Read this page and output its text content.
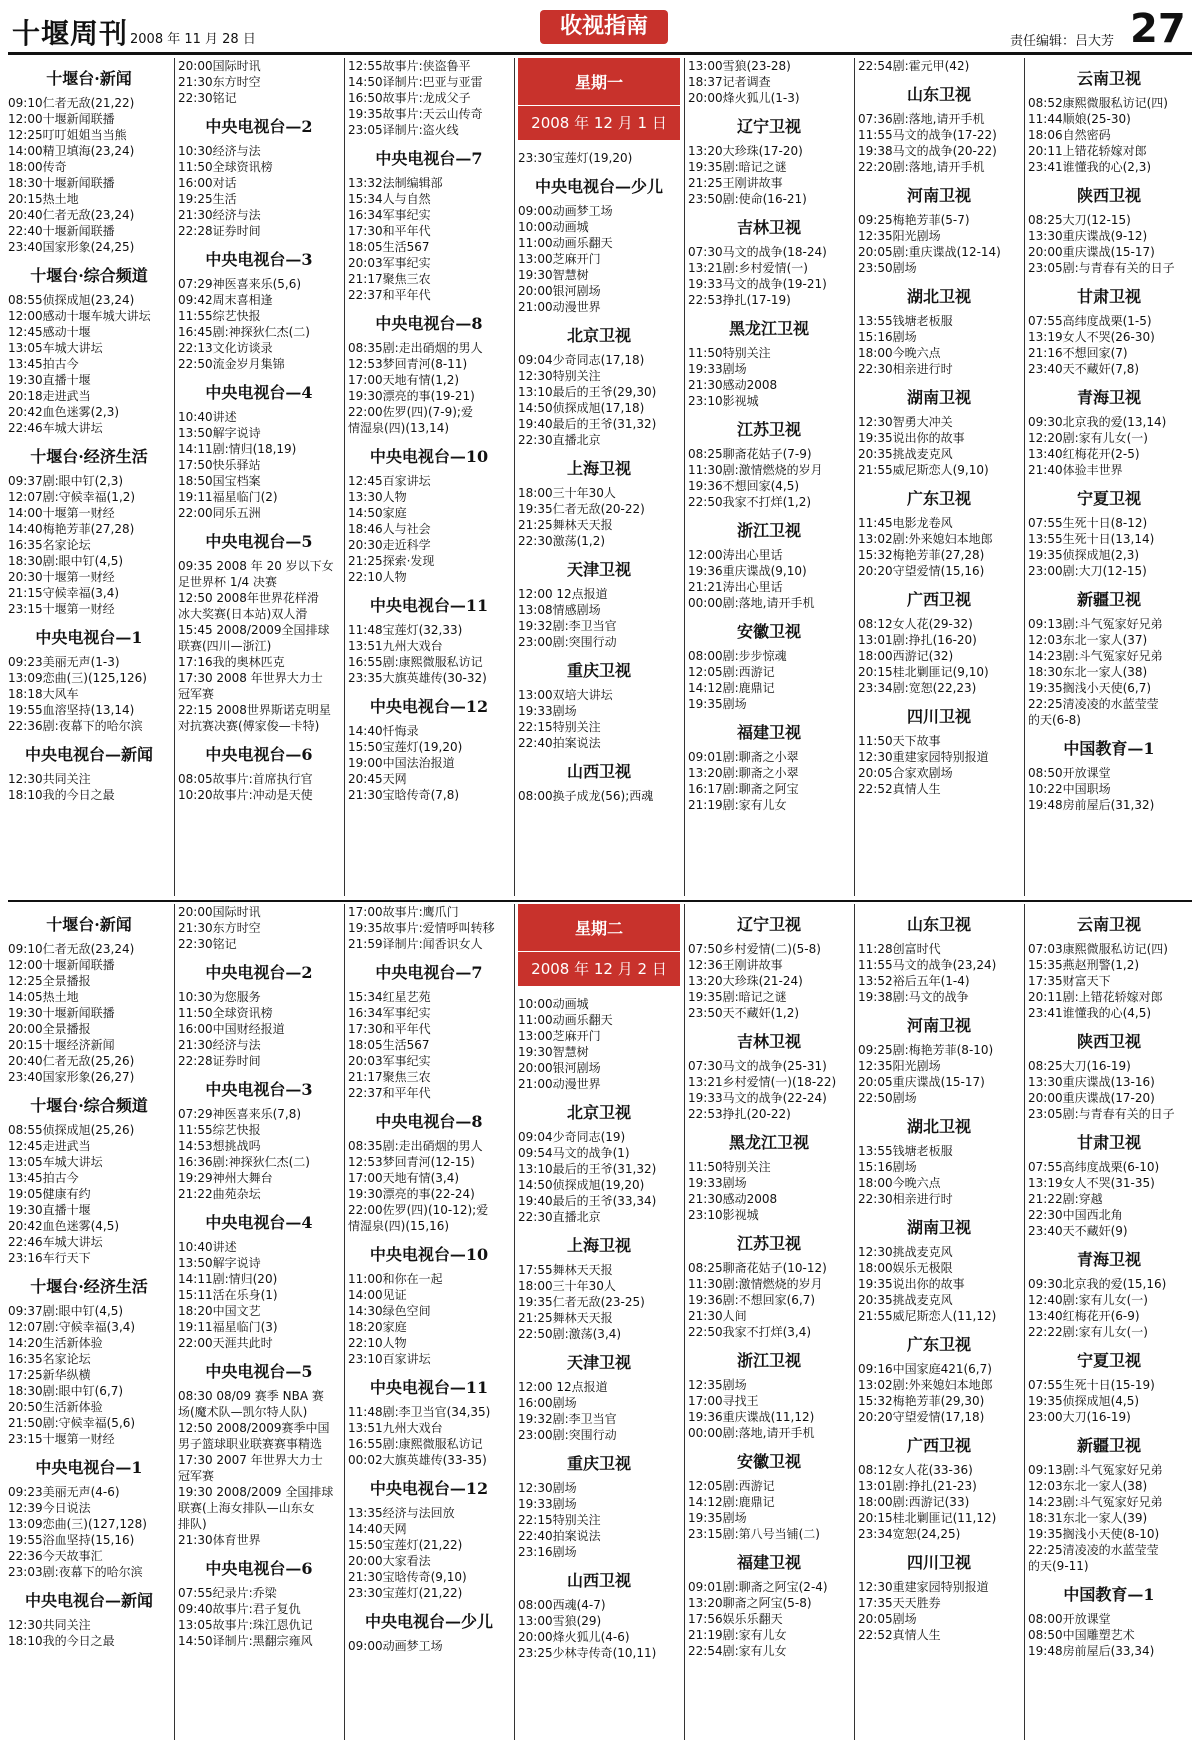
十堰周刊 2008 年 11 月 28 日
收视指南
责任编辑：吕大芳 27
十堰台·新闻
09:10仁者无敌(21,22)
12:00十堰新闻联播
12:25叮叮姐姐当当熊
14:00精卫填海(23,24)
18:00传奇
18:30十堰新闻联播
20:15热土地
20:40仁者无敌(23,24)
22:40十堰新闻联播
23:40国家形象(24,25)
十堰台·综合频道
08:55侦探成旭(23,24)
12:00感动十堰车城大讲坛
12:45感动十堰
13:05车城大讲坛
13:45拍古今
19:30直播十堰
20:18走进武当
20:42血色迷雾(2,3)
22:46车城大讲坛
十堰台·经济生活
09:37剧:眼中钉(2,3)
12:07剧:守候幸福(1,2)
14:00十堰第一财经
14:40梅艳芳菲(27,28)
16:35名家论坛
18:30剧:眼中钉(4,5)
20:30十堰第一财经
21:15守候幸福(3,4)
23:15十堰第一财经
中央电视台—1
09:23美丽无声(1-3)
13:09恋曲(三)(125,126)
18:18大风车
19:55血溶坚持(13,14)
22:36剧:夜幕下的哈尔滨
中央电视台—新闻
12:30共同关注
18:10我的今日之最
20:00国际时讯
21:30东方时空
22:30铭记
中央电视台—2
10:30经济与法
11:50全球资讯榜
16:00对话
19:25生活
21:30经济与法
22:28证券时间
中央电视台—3
07:29神医喜来乐(5,6)
09:42周末喜相逢
11:55综艺快报
16:45剧:神探狄仁杰(二)
22:13文化访谈录
22:50流金岁月集锦
中央电视台—4
10:40讲述
13:50解字说诗
14:11剧:情归(18,19)
17:50快乐驿站
18:50国宝档案
19:11福星临门(2)
22:00同乐五洲
中央电视台—5
09:35 2008 年 20 岁以下女
足世界杯 1/4 决赛
12:50 2008年世界花样滑
冰大奖赛(日本站)双人滑
15:45 2008/2009全国排球
联赛(四川—浙江)
17:16我的奥林匹克
17:30 2008 年世界大力士
冠军赛
22:15 2008世界斯诺克明星
对抗赛决赛(傅家俊—卡特)
中央电视台—6
08:05故事片:首席执行官
10:20故事片:冲动是天使
12:55故事片:侠盗鲁平
14:50译制片:巴亚与亚雷
16:50故事片:龙成父子
19:35故事片:天云山传奇
23:05译制片:盗火线
中央电视台—7
13:32法制编辑部
15:34人与自然
16:34军事纪实
17:30和平年代
18:05生活567
20:03军事纪实
21:17聚焦三农
22:37和平年代
中央电视台—8
08:35剧:走出硝烟的男人
12:53梦回青河(8-11)
17:00天地有情(1,2)
19:30漂亮的事(19-21)
22:00佐罗(四)(7-9);爱
情湿泉(四)(13,14)
中央电视台—10
12:45百家讲坛
13:30人物
14:50家庭
18:46人与社会
20:30走近科学
21:25探索·发现
22:10人物
中央电视台—11
11:48宝莲灯(32,33)
13:51九州大戏台
16:55剧:康熙微服私访记
23:35大旗英雄传(30-32)
中央电视台—12
14:40忏悔录
15:50宝莲灯(19,20)
19:00中国法治报道
20:45天网
21:30宝晗传奇(7,8)
星期一
2008 年 12 月 1 日
23:30宝莲灯(19,20)
中央电视台—少儿
09:00动画梦工场
10:00动画城
11:00动画乐翻天
13:00芝麻开门
19:30智慧树
20:00银河剧场
21:00动漫世界
北京卫视
09:04少奇同志(17,18)
12:30特别关注
13:10最后的王爷(29,30)
14:50侦探成旭(17,18)
19:40最后的王爷(31,32)
22:30直播北京
上海卫视
18:00三十年30人
19:35仁者无敌(20-22)
21:25舞林天天报
22:30激荡(1,2)
天津卫视
12:00 12点报道
13:08情感剧场
19:32剧:李卫当官
23:00剧:突围行动
重庆卫视
13:00双培大讲坛
19:33剧场
22:15特别关注
22:40拍案说法
山西卫视
08:00换子成龙(56);西魂
13:00雪狼(23-28)
18:37记者调查
20:00烽火狐儿(1-3)
辽宁卫视
13:20大珍珠(17-20)
19:35剧:暗记之谜
21:25王刚讲故事
23:50剧:使命(16-21)
吉林卫视
07:30马文的战争(18-24)
13:21剧:乡村爱情(一)
19:33马文的战争(19-21)
22:53挣扎(17-19)
黑龙江卫视
11:50特别关注
19:33剧场
21:30感动2008
23:10影视城
江苏卫视
08:25聊斋花姑子(7-9)
11:30剧:激情燃烧的岁月
19:36不想回家(4,5)
22:50我家不打烊(1,2)
浙江卫视
12:00涛出心里话
19:36重庆谍战(9,10)
21:21涛出心里话
00:00剧:落地,请开手机
安徽卫视
08:00剧:步步惊魂
12:05剧:西游记
14:12剧:鹿鼎记
19:35剧场
福建卫视
09:01剧:聊斋之小翠
13:20剧:聊斋之小翠
16:17剧:聊斋之阿宝
21:19剧:家有儿女
22:54剧:霍元甲(42)
山东卫视
07:36剧:落地,请开手机
11:55马文的战争(17-22)
19:38马文的战争(20-22)
22:20剧:落地,请开手机
河南卫视
09:25梅艳芳菲(5-7)
12:35阳光剧场
20:05剧:重庆谍战(12-14)
23:50剧场
湖北卫视
13:55钱塘老板服
15:16剧场
18:00今晚六点
22:30相亲进行时
湖南卫视
12:30智勇大冲关
19:35说出你的故事
20:35挑战麦克风
21:55威尼斯恋人(9,10)
广东卫视
11:45电影龙卷风
13:02剧:外来媳妇本地郎
15:32梅艳芳菲(27,28)
20:20守望爱情(15,16)
广西卫视
08:12女人花(29-32)
13:01剧:挣扎(16-20)
18:00西游记(32)
20:15桂北剿匪记(9,10)
23:34剧:宽恕(22,23)
四川卫视
11:50天下故事
12:30重建家园特别报道
20:05合家欢剧场
22:52真情人生
云南卫视
08:52康熙微服私访记(四)
11:44顺娘(25-30)
18:06自然密码
20:11上错花轿嫁对郎
23:41谁懂我的心(2,3)
陕西卫视
08:25大刀(12-15)
13:30重庆谍战(9-12)
20:00重庆谍战(15-17)
23:05剧:与青春有关的日子
甘肃卫视
07:55高纬度战栗(1-5)
13:19女人不哭(26-30)
21:16不想回家(7)
23:40天不藏奸(7,8)
青海卫视
09:30北京我的爱(13,14)
12:20剧:家有儿女(一)
13:40红梅花开(2-5)
21:40体验丰世界
宁夏卫视
07:55生死十日(8-12)
13:55生死十日(13,14)
19:35侦探成旭(2,3)
23:00剧:大刀(12-15)
新疆卫视
09:13剧:斗气冤家好兄弟
12:03东北一家人(37)
14:23剧:斗气冤家好兄弟
18:30东北一家人(38)
19:35搁浅小天使(6,7)
22:25清凌凌的水蓝莹莹
的天(6-8)
中国教育—1
08:50开放课堂
10:22中国职场
19:48房前屋后(31,32)
十堰台·新闻
09:10仁者无敌(23,24)
12:00十堰新闻联播
12:25全景播报
14:05热土地
19:30十堰新闻联播
20:00全景播报
20:15十堰经济新闻
20:40仁者无敌(25,26)
23:40国家形象(26,27)
十堰台·综合频道
08:55侦探成旭(25,26)
12:45走进武当
13:05车城大讲坛
13:45拍古今
19:05健康有约
19:30直播十堰
20:42血色迷雾(4,5)
22:46车城大讲坛
23:16车行天下
十堰台·经济生活
09:37剧:眼中钉(4,5)
12:07剧:守候幸福(3,4)
14:20生活新体验
16:35名家论坛
17:25新华纵横
18:30剧:眼中钉(6,7)
20:50生活新体验
21:50剧:守候幸福(5,6)
23:15十堰第一财经
中央电视台—1
09:23美丽无声(4-6)
12:39今日说法
13:09恋曲(三)(127,128)
19:55浴血坚持(15,16)
22:36今天故事汇
23:03剧:夜幕下的哈尔滨
中央电视台—新闻
12:30共同关注
18:10我的今日之最
20:00国际时讯
21:30东方时空
22:30铭记
中央电视台—2
10:30为您服务
11:50全球资讯榜
16:00中国财经报道
21:30经济与法
22:28证券时间
中央电视台—3
07:29神医喜来乐(7,8)
11:55综艺快报
14:53想挑战吗
16:36剧:神探狄仁杰(二)
19:29神州大舞台
21:22曲苑杂坛
中央电视台—4
10:40讲述
13:50解字说诗
14:11剧:情归(20)
15:11活在乐身(1)
18:20中国文艺
19:11福星临门(3)
22:00天涯共此时
中央电视台—5
08:30 08/09 赛季 NBA 赛
场(魔术队—凯尔特人队)
12:50 2008/2009赛季中国
男子篮球职业联赛赛事精选
17:30 2007 年世界大力士
冠军赛
19:30 2008/2009 全国排球
联赛(上海女排队—山东女
排队)
21:30体育世界
中央电视台—6
07:55纪录片:乔梁
09:40故事片:君子复仇
13:05故事片:珠江恩仇记
14:50译制片:黑翻宗雍风
17:00故事片:鹰爪门
19:35故事片:爱情呼叫转移
21:59译制片:闻香识女人
中央电视台—7
15:34红星艺苑
16:34军事纪实
17:30和平年代
18:05生活567
20:03军事纪实
21:17聚焦三农
22:37和平年代
中央电视台—8
08:35剧:走出硝烟的男人
12:53梦回青河(12-15)
17:00天地有情(3,4)
19:30漂亮的事(22-24)
22:00佐罗(四)(10-12);爱
情湿泉(四)(15,16)
中央电视台—10
11:00和你在一起
14:00见证
14:30绿色空间
18:20家庭
22:10人物
23:10百家讲坛
中央电视台—11
11:48剧:李卫当官(34,35)
13:51九州大戏台
16:55剧:康熙微服私访记
00:02大旗英雄传(33-35)
中央电视台—12
13:35经济与法回放
14:40天网
15:50宝莲灯(21,22)
20:00大家看法
21:30宝晗传奇(9,10)
23:30宝莲灯(21,22)
中央电视台—少儿
09:00动画梦工场
星期二
2008 年 12 月 2 日
10:00动画城
11:00动画乐翻天
13:00芝麻开门
19:30智慧树
20:00银河剧场
21:00动漫世界
北京卫视
09:04少奇同志(19)
09:54马文的战争(1)
13:10最后的王爷(31,32)
14:50侦探成旭(19,20)
19:40最后的王爷(33,34)
22:30直播北京
上海卫视
17:55舞林天天报
18:00三十年30人
19:35仁者无敌(23-25)
21:25舞林天天报
22:50剧:激荡(3,4)
天津卫视
12:00 12点报道
16:00剧场
19:32剧:李卫当官
23:00剧:突围行动
重庆卫视
12:30剧场
19:33剧场
22:15特别关注
22:40拍案说法
23:16剧场
山西卫视
08:00西魂(4-7)
13:00雪狼(29)
20:00烽火狐儿(4-6)
23:25少林寺传奇(10,11)
辽宁卫视
07:50乡村爱情(二)(5-8)
12:36王刚讲故事
13:20大珍珠(21-24)
19:35剧:暗记之谜
23:50天不藏奸(1,2)
吉林卫视
07:30马文的战争(25-31)
13:21乡村爱情(一)(18-22)
19:33马文的战争(22-24)
22:53挣扎(20-22)
黑龙江卫视
11:50特别关注
19:33剧场
21:30感动2008
23:10影视城
江苏卫视
08:25聊斋花姑子(10-12)
11:30剧:激情燃烧的岁月
19:36剧:不想回家(6,7)
21:30人间
22:50我家不打烊(3,4)
浙江卫视
12:35剧场
17:00寻找王
19:36重庆谍战(11,12)
00:00剧:落地,请开手机
安徽卫视
12:05剧:西游记
14:12剧:鹿鼎记
19:35剧场
23:15剧:第八号当铺(二)
福建卫视
09:01剧:聊斋之阿宝(2-4)
13:20聊斋之阿宝(5-8)
17:56娱乐乐翻天
21:19剧:家有儿女
22:54剧:家有儿女
山东卫视
11:28创富时代
11:55马文的战争(23,24)
13:52裕后五年(1-4)
19:38剧:马文的战争
河南卫视
09:25剧:梅艳芳菲(8-10)
12:35阳光剧场
20:05重庆谍战(15-17)
22:50剧场
湖北卫视
13:55钱塘老板服
15:16剧场
18:00今晚六点
22:30相亲进行时
湖南卫视
12:30挑战麦克风
18:00娱乐无极限
19:35说出你的故事
20:35挑战麦克风
21:55威尼斯恋人(11,12)
广东卫视
09:16中国家庭421(6,7)
13:02剧:外来媳妇本地郎
15:32梅艳芳菲(29,30)
20:20守望爱情(17,18)
广西卫视
08:12女人花(33-36)
13:01剧:挣扎(21-23)
18:00剧:西游记(33)
20:15桂北剿匪记(11,12)
23:34宽恕(24,25)
四川卫视
12:30重建家园特别报道
17:35天天胜券
20:05剧场
22:52真情人生
云南卫视
07:03康熙微服私访记(四)
15:35燕赵刑警(1,2)
17:35财富天下
20:11剧:上错花轿嫁对郎
23:41谁懂我的心(4,5)
陕西卫视
08:25大刀(16-19)
13:30重庆谍战(13-16)
20:00重庆谍战(17-20)
23:05剧:与青春有关的日子
甘肃卫视
07:55高纬度战栗(6-10)
13:19女人不哭(31-35)
21:22剧:穿越
22:30中国西北角
23:40天不藏奸(9)
青海卫视
09:30北京我的爱(15,16)
12:40剧:家有儿女(一)
13:40红梅花开(6-9)
22:22剧:家有儿女(一)
宁夏卫视
07:55生死十日(15-19)
19:35侦探成旭(4,5)
23:00大刀(16-19)
新疆卫视
09:13剧:斗气冤家好兄弟
12:03东北一家人(38)
14:23剧:斗气冤家好兄弟
18:31东北一家人(39)
19:35搁浅小天使(8-10)
22:25清凌凌的水蓝莹莹
的天(9-11)
中国教育—1
08:00开放课堂
08:50中国雕塑艺术
19:48房前屋后(33,34)
